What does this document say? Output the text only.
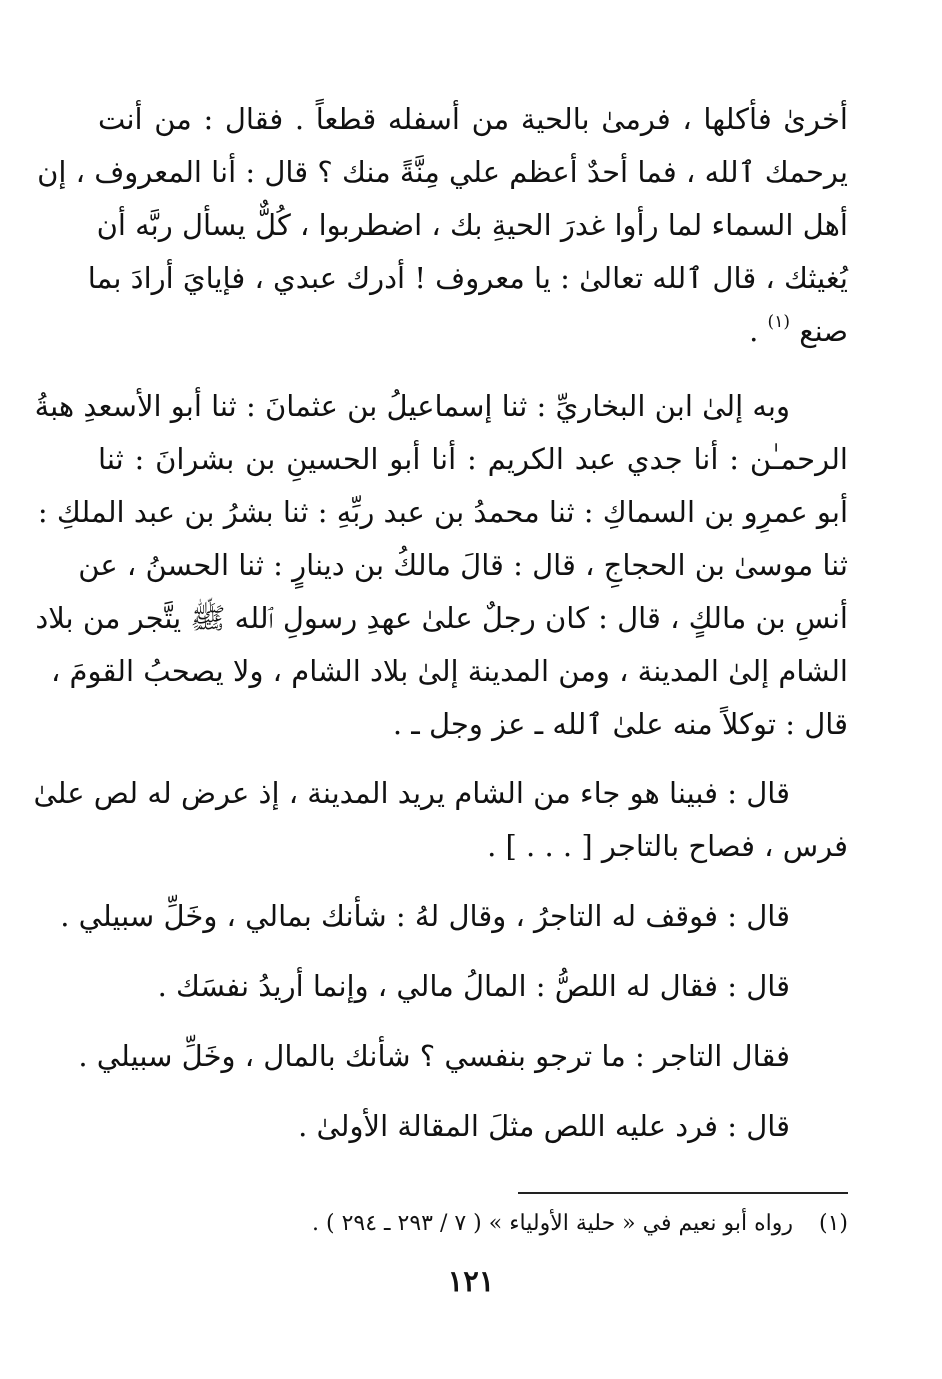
أخرىٰ فأكلها ، فرمىٰ بالحية من أسفله قطعاً . فقال : من أنت
يرحمك ٱلله ، فما أحدٌ أعظم علي مِنَّةً منك ؟ قال : أنا المعروف ، إن
أهل السماء لما رأوا غدرَ الحيةِ بك ، اضطربوا ، كُلٌّ يسأل ربَّه أن
يُغيثك ، قال ٱلله تعالىٰ : يا معروف ! أدرك عبدي ، فإيايَ أرادَ بما
صنع $^{(١)}$ .
وبه إلىٰ ابن البخاريِّ : ثنا إسماعيلُ بن عثمانَ : ثنا أبو الأسعدِ هبةُ
الرحمـٰن : أنا جدي عبد الكريم : أنا أبو الحسينِ بن بشرانَ : ثنا
أبو عمرِو بن السماكِ : ثنا محمدُ بن عبد ربِّهِ : ثنا بشرُ بن عبد الملكِ :
ثنا موسىٰ بن الحجاجِ ، قال : قالَ مالكُ بن دينارٍ : ثنا الحسنُ ، عن
أنسِ بن مالكٍ ، قال : كان رجلٌ علىٰ عهدِ رسولِ ٱلله ﷺ يتَّجر من بلاد
الشام إلىٰ المدينة ، ومن المدينة إلىٰ بلاد الشام ، ولا يصحبُ القومَ ،
قال : توكلاً منه علىٰ ٱلله ـ عز وجل ـ .
قال : فبينا هو جاء من الشام يريد المدينة ، إذ عرض له لص علىٰ
فرس ، فصاح بالتاجر [ . . . ] .
قال : فوقف له التاجرُ ، وقال لهُ : شأنك بمالي ، وخَلِّ سبيلي .
قال : فقال له اللصُّ : المالُ مالي ، وإنما أريدُ نفسَك .
فقال التاجر : ما ترجو بنفسي ؟ شأنك بالمال ، وخَلِّ سبيلي .
قال : فرد عليه اللص مثلَ المقالة الأولىٰ .
(١)رواه أبو نعيم في « حلية الأولياء » ( ٧ / ٢٩٣ ـ ٢٩٤ ) .
١٢١
